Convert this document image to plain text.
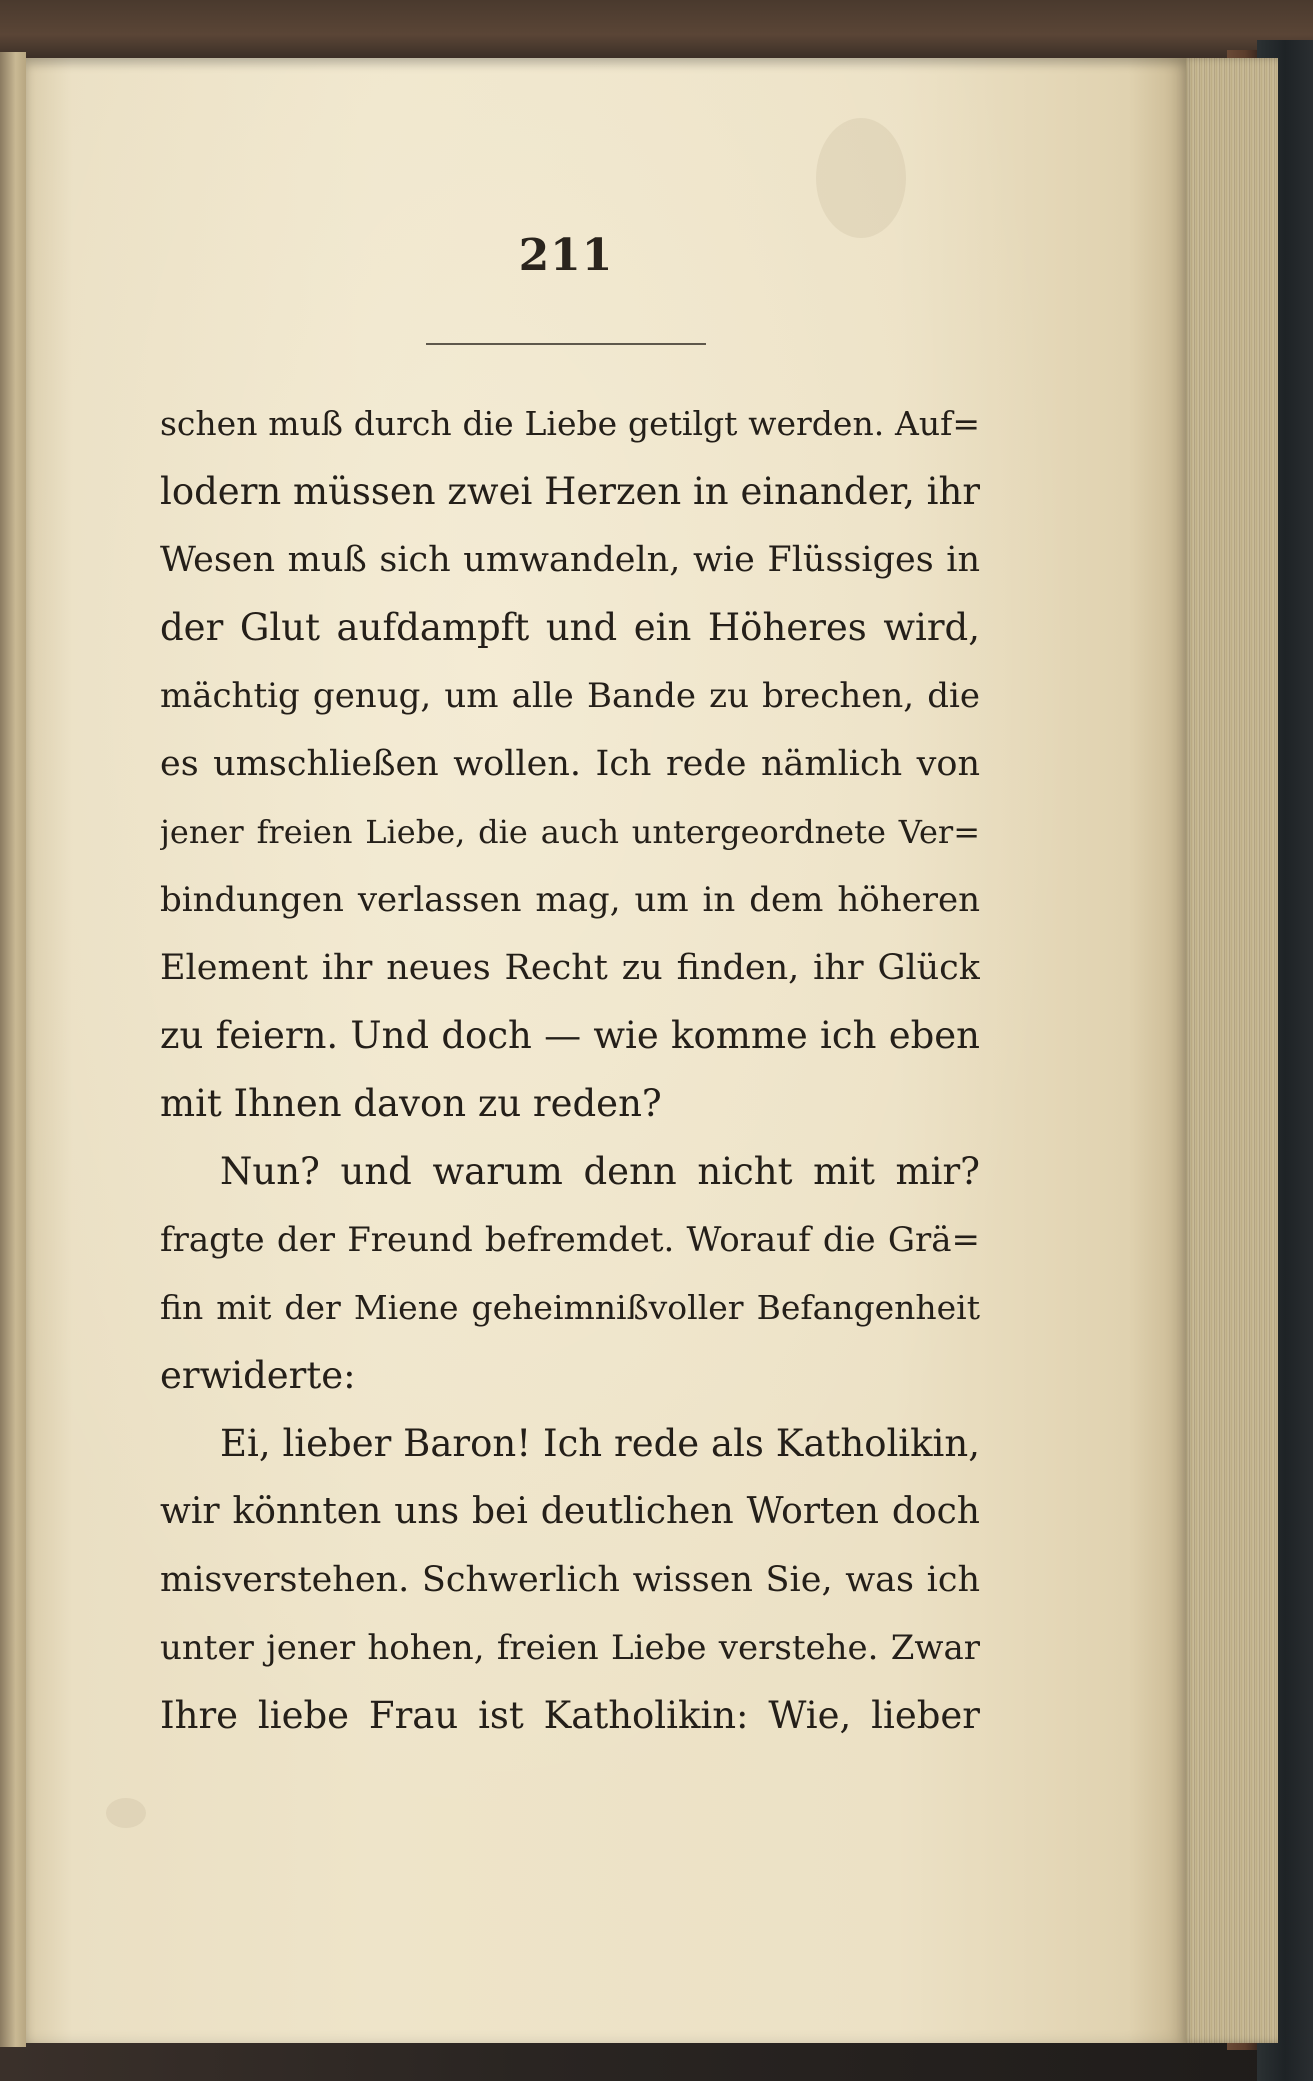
211
schen muß durch die Liebe getilgt werden. Auf=
lodern müssen zwei Herzen in einander, ihr
Wesen muß sich umwandeln, wie Flüssiges in
der Glut aufdampft und ein Höheres wird,
mächtig genug, um alle Bande zu brechen, die
es umschließen wollen. Ich rede nämlich von
jener freien Liebe, die auch untergeordnete Ver=
bindungen verlassen mag, um in dem höheren
Element ihr neues Recht zu finden, ihr Glück
zu feiern. Und doch — wie komme ich eben
mit Ihnen davon zu reden?
Nun? und warum denn nicht mit mir?
fragte der Freund befremdet. Worauf die Grä=
fin mit der Miene geheimnißvoller Befangenheit
erwiderte:
Ei, lieber Baron! Ich rede als Katholikin,
wir könnten uns bei deutlichen Worten doch
misverstehen. Schwerlich wissen Sie, was ich
unter jener hohen, freien Liebe verstehe. Zwar
Ihre liebe Frau ist Katholikin: Wie, lieber
